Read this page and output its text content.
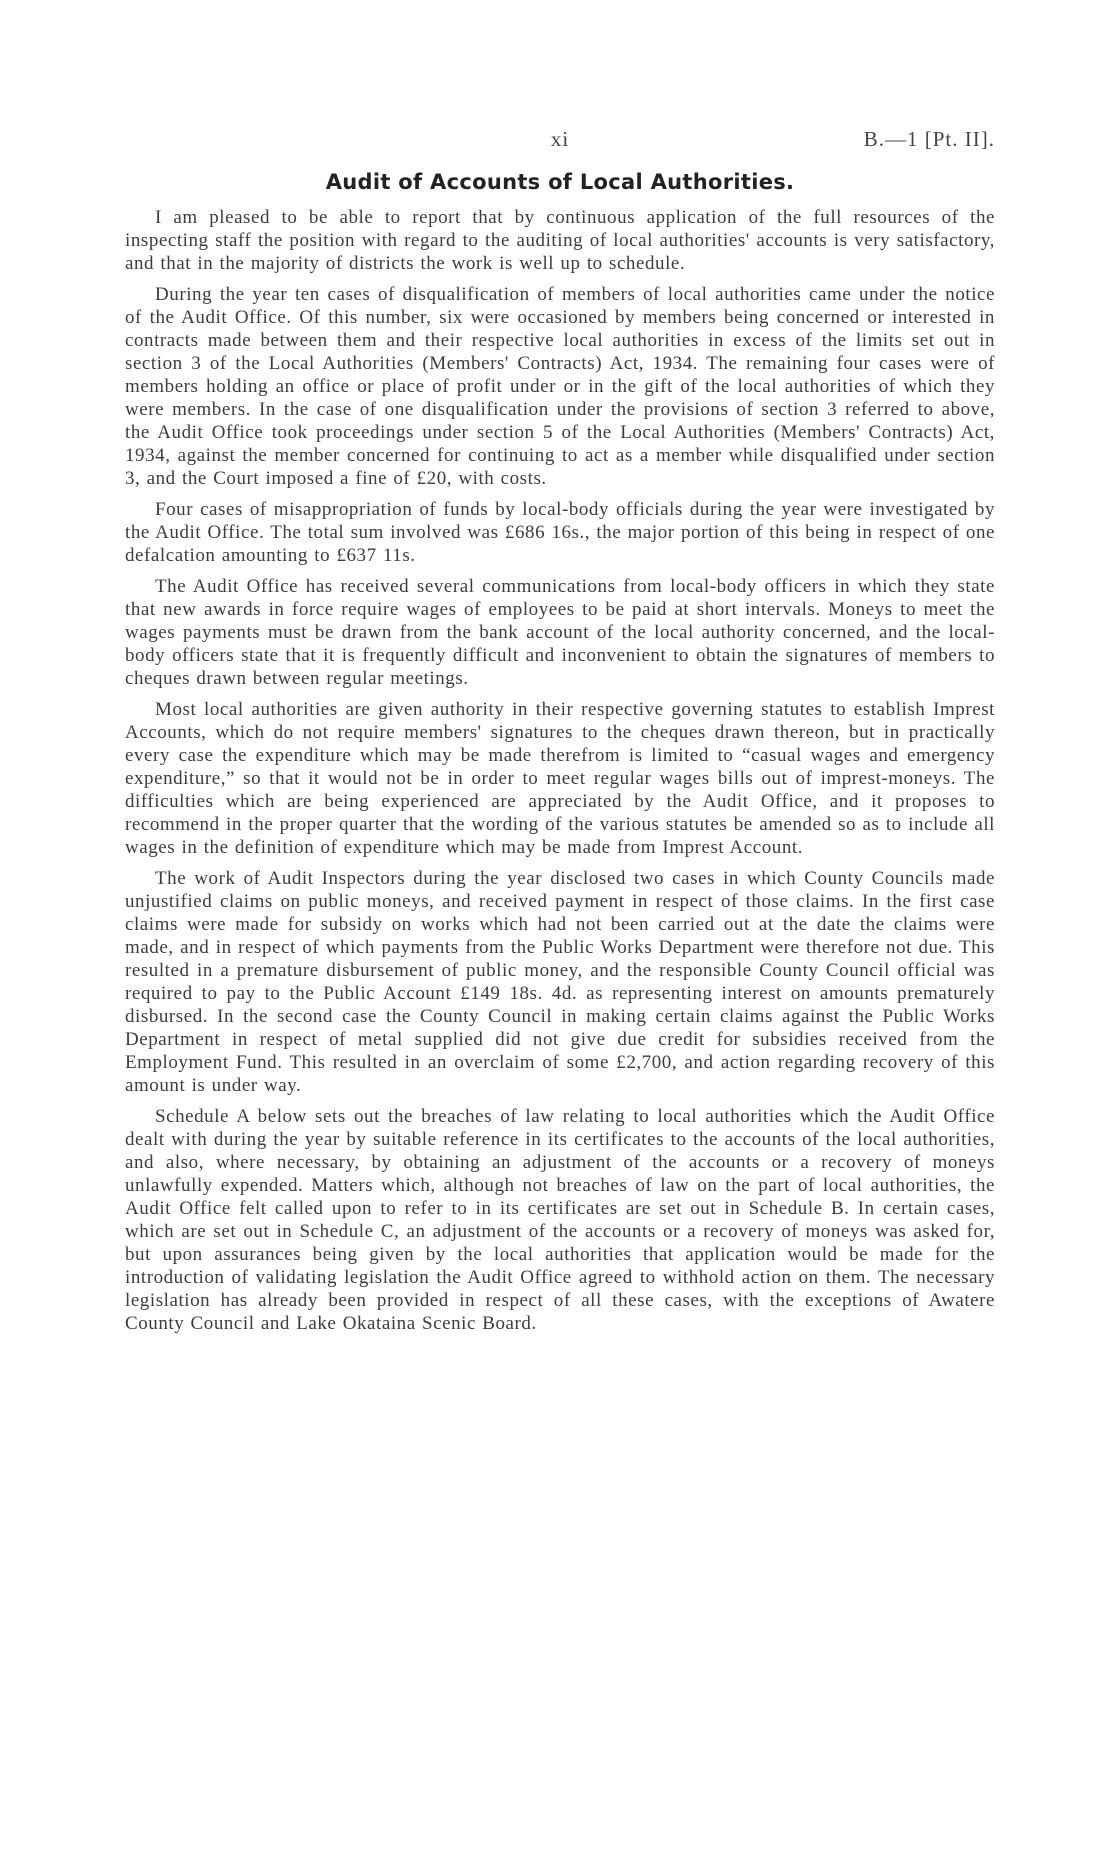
xi	B.—1 [Pt. II].
Audit of Accounts of Local Authorities.

I am pleased to be able to report that by continuous application of the full resources of the inspecting staff the position with regard to the auditing of local authorities' accounts is very satisfactory, and that in the majority of districts the work is well up to schedule.

During the year ten cases of disqualification of members of local authorities came under the notice of the Audit Office. Of this number, six were occasioned by members being concerned or interested in contracts made between them and their respective local authorities in excess of the limits set out in section 3 of the Local Authorities (Members' Contracts) Act, 1934. The remaining four cases were of members holding an office or place of profit under or in the gift of the local authorities of which they were members. In the case of one disqualification under the provisions of section 3 referred to above, the Audit Office took proceedings under section 5 of the Local Authorities (Members' Contracts) Act, 1934, against the member concerned for continuing to act as a member while disqualified under section 3, and the Court imposed a fine of £20, with costs.

Four cases of misappropriation of funds by local-body officials during the year were investigated by the Audit Office. The total sum involved was £686 16s., the major portion of this being in respect of one defalcation amounting to £637 11s.

The Audit Office has received several communications from local-body officers in which they state that new awards in force require wages of employees to be paid at short intervals. Moneys to meet the wages payments must be drawn from the bank account of the local authority concerned, and the local-body officers state that it is frequently difficult and inconvenient to obtain the signatures of members to cheques drawn between regular meetings.

Most local authorities are given authority in their respective governing statutes to establish Imprest Accounts, which do not require members' signatures to the cheques drawn thereon, but in practically every case the expenditure which may be made therefrom is limited to “casual wages and emergency expenditure,” so that it would not be in order to meet regular wages bills out of imprest-moneys. The difficulties which are being experienced are appreciated by the Audit Office, and it proposes to recommend in the proper quarter that the wording of the various statutes be amended so as to include all wages in the definition of expenditure which may be made from Imprest Account.

The work of Audit Inspectors during the year disclosed two cases in which County Councils made unjustified claims on public moneys, and received payment in respect of those claims. In the first case claims were made for subsidy on works which had not been carried out at the date the claims were made, and in respect of which payments from the Public Works Department were therefore not due. This resulted in a premature disbursement of public money, and the responsible County Council official was required to pay to the Public Account £149 18s. 4d. as representing interest on amounts prematurely disbursed. In the second case the County Council in making certain claims against the Public Works Department in respect of metal supplied did not give due credit for subsidies received from the Employment Fund. This resulted in an overclaim of some £2,700, and action regarding recovery of this amount is under way.

Schedule A below sets out the breaches of law relating to local authorities which the Audit Office dealt with during the year by suitable reference in its certificates to the accounts of the local authorities, and also, where necessary, by obtaining an adjustment of the accounts or a recovery of moneys unlawfully expended. Matters which, although not breaches of law on the part of local authorities, the Audit Office felt called upon to refer to in its certificates are set out in Schedule B. In certain cases, which are set out in Schedule C, an adjustment of the accounts or a recovery of moneys was asked for, but upon assurances being given by the local authorities that application would be made for the introduction of validating legislation the Audit Office agreed to withhold action on them. The necessary legislation has already been provided in respect of all these cases, with the exceptions of Awatere County Council and Lake Okataina Scenic Board.
